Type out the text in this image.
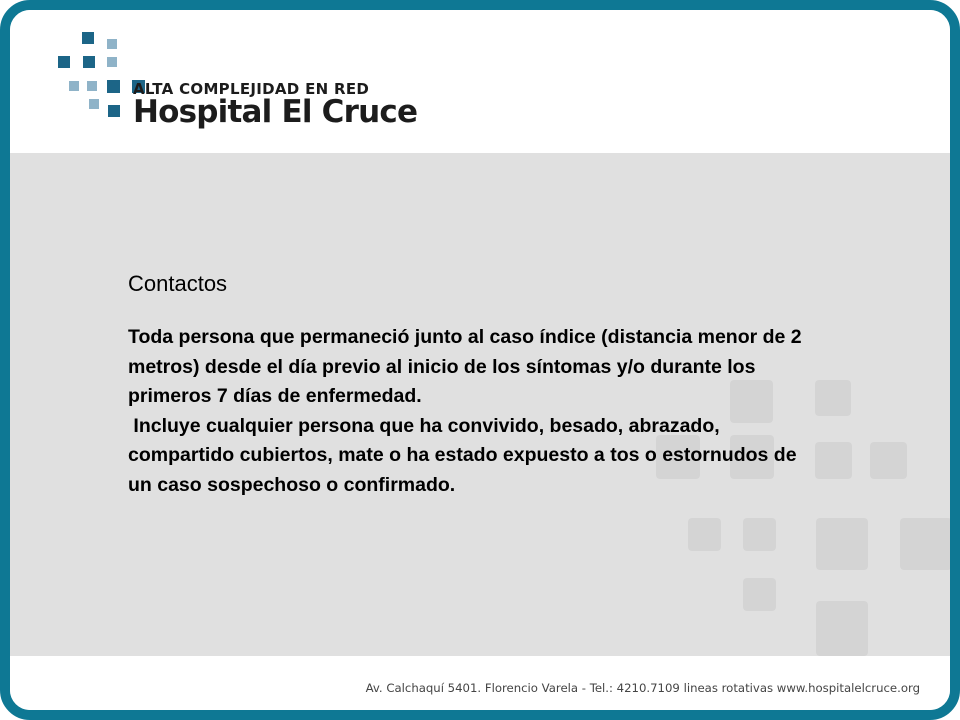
ALTA COMPLEJIDAD EN RED
Hospital El Cruce
Contactos

Toda persona que permaneció junto al caso índice (distancia menor de 2 metros) desde el día previo al inicio de los síntomas y/o durante los primeros 7 días de enfermedad.

Incluye cualquier persona que ha convivido, besado, abrazado, compartido cubiertos, mate o ha estado expuesto a tos o estornudos de un caso sospechoso o confirmado.

Av. Calchaquí 5401. Florencio Varela - Tel.: 4210.7109 lineas rotativas www.hospitalelcruce.org
